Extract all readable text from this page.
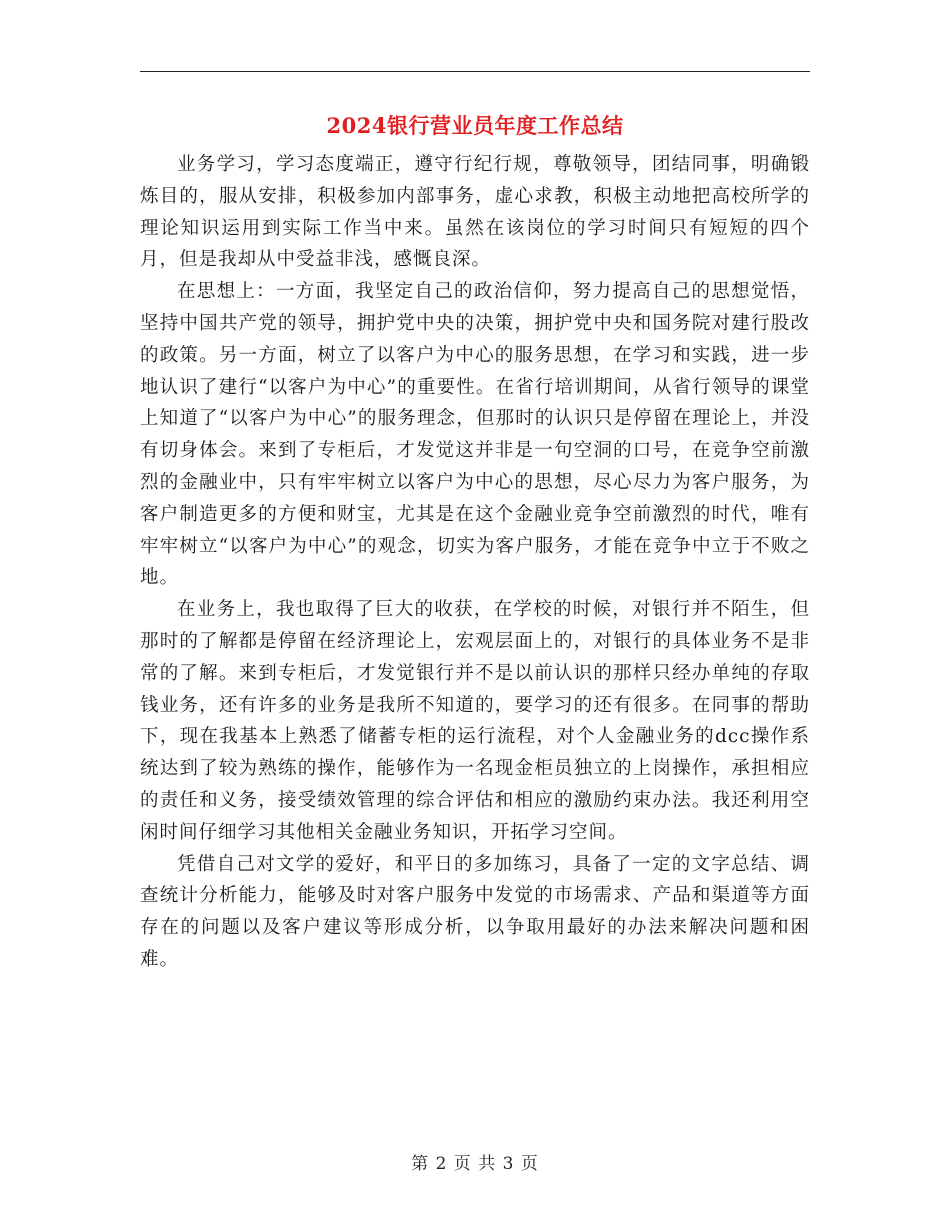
2024银行营业员年度工作总结

业务学习，学习态度端正，遵守行纪行规，尊敬领导，团结同事，明确锻炼目的，服从安排，积极参加内部事务，虚心求教，积极主动地把高校所学的理论知识运用到实际工作当中来。虽然在该岗位的学习时间只有短短的四个月，但是我却从中受益非浅，感慨良深。

在思想上：一方面，我坚定自己的政治信仰，努力提高自己的思想觉悟，坚持中国共产党的领导，拥护党中央的决策，拥护党中央和国务院对建行股改的政策。另一方面，树立了以客户为中心的服务思想，在学习和实践，进一步地认识了建行“以客户为中心”的重要性。在省行培训期间，从省行领导的课堂上知道了“以客户为中心”的服务理念，但那时的认识只是停留在理论上，并没有切身体会。来到了专柜后，才发觉这并非是一句空洞的口号，在竞争空前激烈的金融业中，只有牢牢树立以客户为中心的思想，尽心尽力为客户服务，为客户制造更多的方便和财宝，尤其是在这个金融业竞争空前激烈的时代，唯有牢牢树立“以客户为中心”的观念，切实为客户服务，才能在竞争中立于不败之地。

在业务上，我也取得了巨大的收获，在学校的时候，对银行并不陌生，但那时的了解都是停留在经济理论上，宏观层面上的，对银行的具体业务不是非常的了解。来到专柜后，才发觉银行并不是以前认识的那样只经办单纯的存取钱业务，还有许多的业务是我所不知道的，要学习的还有很多。在同事的帮助下，现在我基本上熟悉了储蓄专柜的运行流程，对个人金融业务的dcc操作系统达到了较为熟练的操作，能够作为一名现金柜员独立的上岗操作，承担相应的责任和义务，接受绩效管理的综合评估和相应的激励约束办法。我还利用空闲时间仔细学习其他相关金融业务知识，开拓学习空间。

凭借自己对文学的爱好，和平日的多加练习，具备了一定的文字总结、调查统计分析能力，能够及时对客户服务中发觉的市场需求、产品和渠道等方面存在的问题以及客户建议等形成分析，以争取用最好的办法来解决问题和困难。

第 2 页 共 3 页
